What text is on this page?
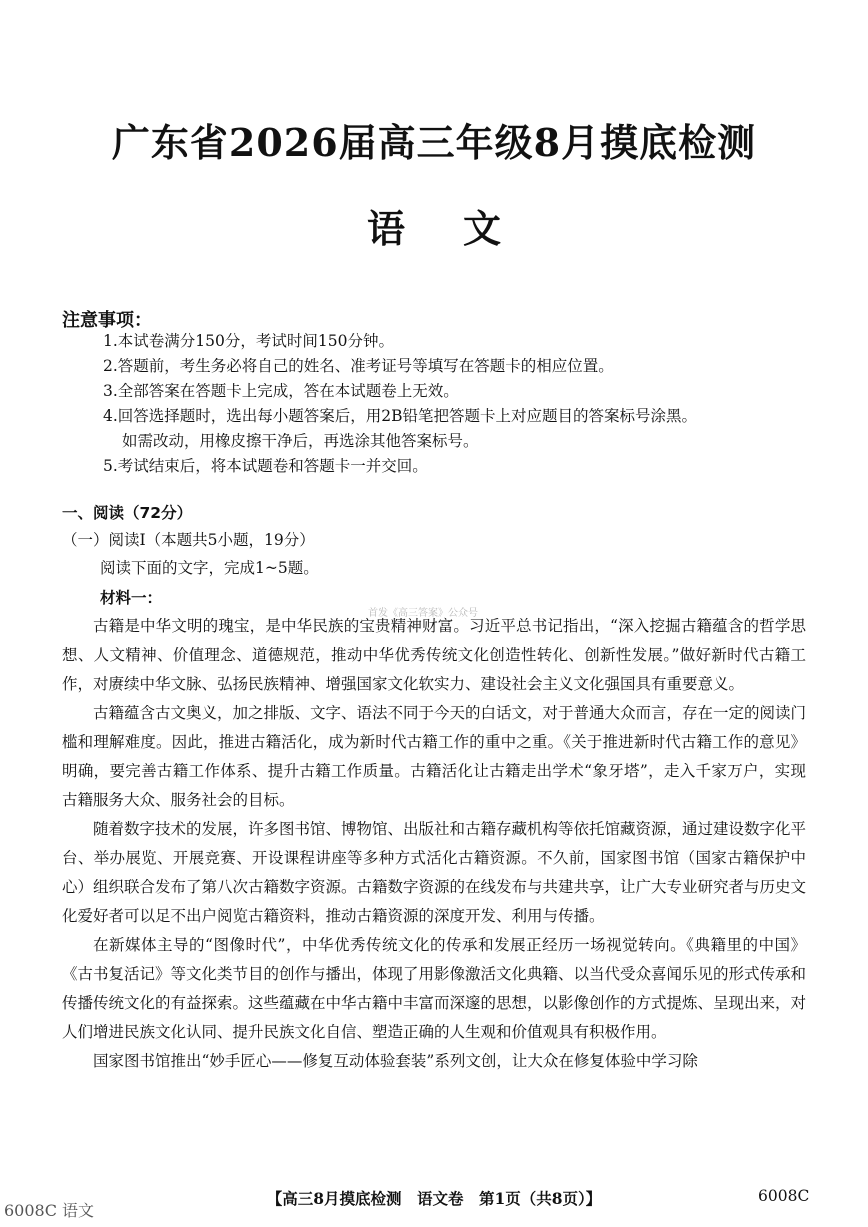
广东省2026届高三年级8月摸底检测
语文
注意事项：
1.本试卷满分150分，考试时间150分钟。
2.答题前，考生务必将自己的姓名、准考证号等填写在答题卡的相应位置。
3.全部答案在答题卡上完成，答在本试题卷上无效。
4.回答选择题时，选出每小题答案后，用2B铅笔把答题卡上对应题目的答案标号涂黑。
如需改动，用橡皮擦干净后，再选涂其他答案标号。
5.考试结束后，将本试题卷和答题卡一并交回。
一、阅读（72分）
（一）阅读Ⅰ（本题共5小题，19分）
阅读下面的文字，完成1~5题。
材料一：
首发《高三答案》公众号

古籍是中华文明的瑰宝，是中华民族的宝贵精神财富。习近平总书记指出，“深入挖掘古籍蕴含的哲学思想、人文精神、价值理念、道德规范，推动中华优秀传统文化创造性转化、创新性发展。”做好新时代古籍工作，对赓续中华文脉、弘扬民族精神、增强国家文化软实力、建设社会主义文化强国具有重要意义。

古籍蕴含古文奥义，加之排版、文字、语法不同于今天的白话文，对于普通大众而言，存在一定的阅读门槛和理解难度。因此，推进古籍活化，成为新时代古籍工作的重中之重。《关于推进新时代古籍工作的意见》明确，要完善古籍工作体系、提升古籍工作质量。古籍活化让古籍走出学术“象牙塔”，走入千家万户，实现古籍服务大众、服务社会的目标。

随着数字技术的发展，许多图书馆、博物馆、出版社和古籍存藏机构等依托馆藏资源，通过建设数字化平台、举办展览、开展竞赛、开设课程讲座等多种方式活化古籍资源。不久前，国家图书馆（国家古籍保护中心）组织联合发布了第八次古籍数字资源。古籍数字资源的在线发布与共建共享，让广大专业研究者与历史文化爱好者可以足不出户阅览古籍资料，推动古籍资源的深度开发、利用与传播。

在新媒体主导的“图像时代”，中华优秀传统文化的传承和发展正经历一场视觉转向。《典籍里的中国》《古书复活记》等文化类节目的创作与播出，体现了用影像激活文化典籍、以当代受众喜闻乐见的形式传承和传播传统文化的有益探索。这些蕴藏在中华古籍中丰富而深邃的思想，以影像创作的方式提炼、呈现出来，对人们增进民族文化认同、提升民族文化自信、塑造正确的人生观和价值观具有积极作用。

国家图书馆推出“妙手匠心——修复互动体验套装”系列文创，让大众在修复体验中学习除

6008C 语文
【高三8月摸底检测　语文卷　第1页（共8页）】	6008C
